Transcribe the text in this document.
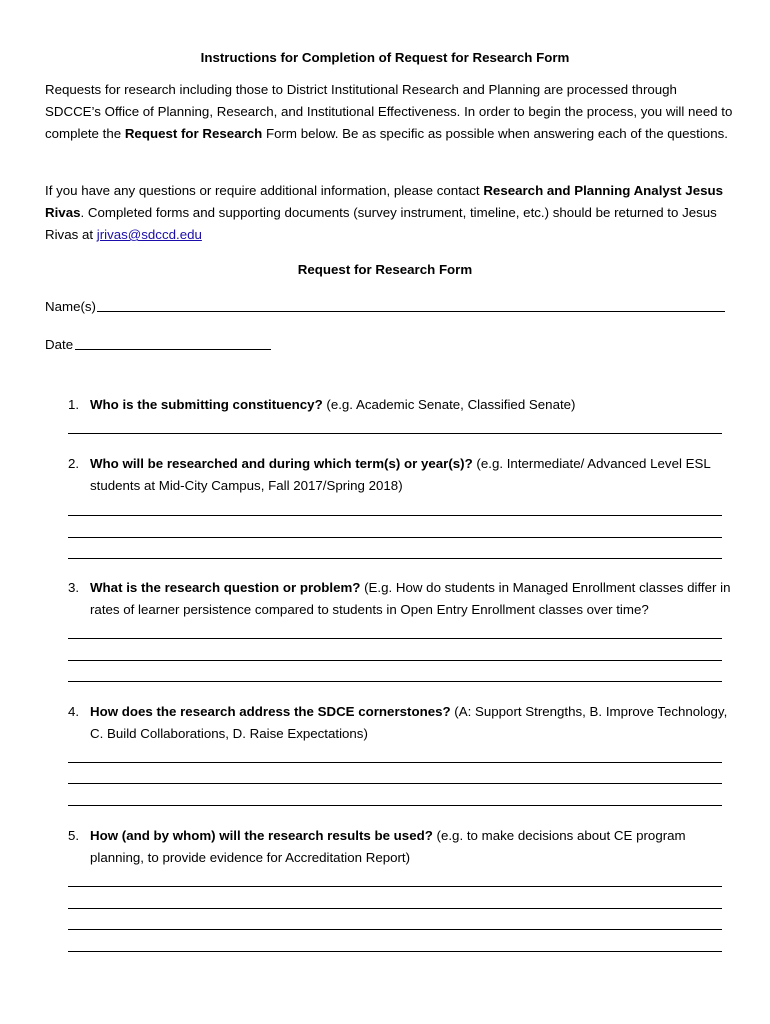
Instructions for Completion of Request for Research Form

Requests for research including those to District Institutional Research and Planning are processed through SDCCE’s Office of Planning, Research, and Institutional Effectiveness. In order to begin the process, you will need to complete the Request for Research Form below. Be as specific as possible when answering each of the questions.

If you have any questions or require additional information, please contact Research and Planning Analyst Jesus Rivas. Completed forms and supporting documents (survey instrument, timeline, etc.) should be returned to Jesus Rivas at jrivas@sdccd.edu

Request for Research Form
Name(s)
Date
1. Who is the submitting constituency? (e.g. Academic Senate, Classified Senate)
2. Who will be researched and during which term(s) or year(s)? (e.g. Intermediate/ Advanced Level ESL students at Mid-City Campus, Fall 2017/Spring 2018)
3. What is the research question or problem? (E.g. How do students in Managed Enrollment classes differ in rates of learner persistence compared to students in Open Entry Enrollment classes over time?
4. How does the research address the SDCE cornerstones? (A: Support Strengths, B. Improve Technology, C. Build Collaborations, D. Raise Expectations)
5. How (and by whom) will the research results be used? (e.g. to make decisions about CE program planning, to provide evidence for Accreditation Report)
